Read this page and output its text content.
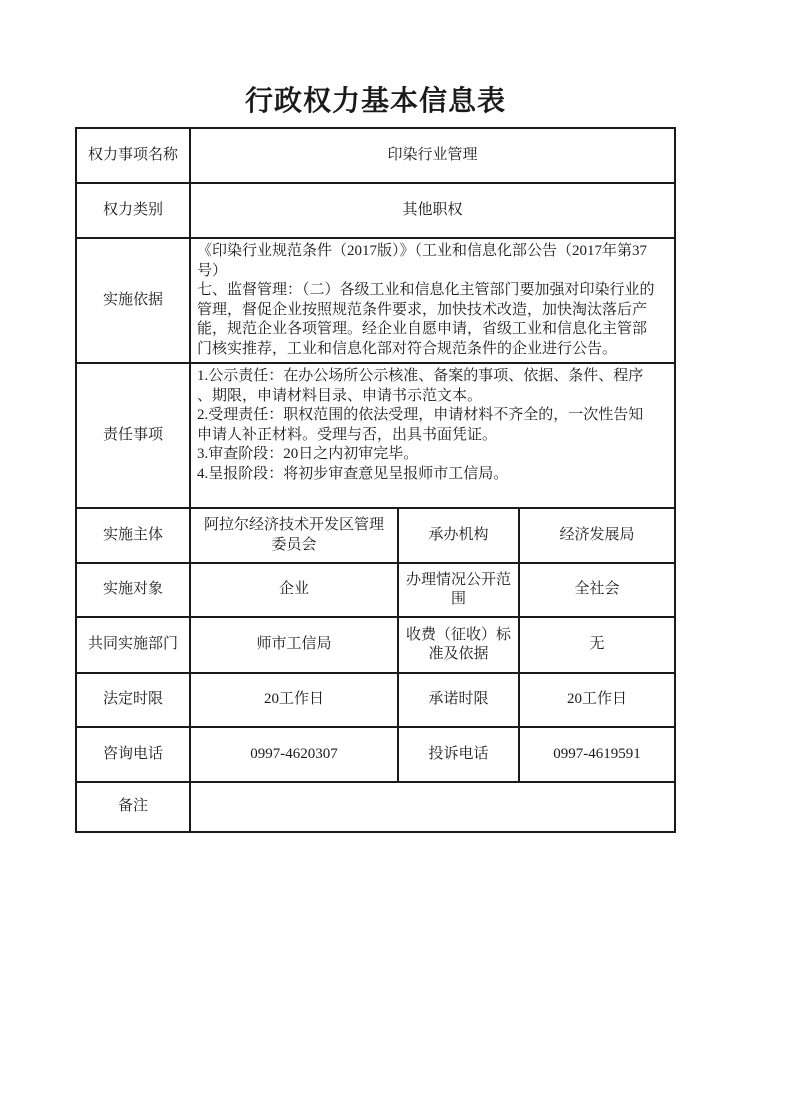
行政权力基本信息表
权力事项名称	印染行业管理		
权力类别	其他职权		
实施依据	《印染行业规范条件（2017版）》（工业和信息化部公告（2017年第37号）
七、监督管理：（二）各级工业和信息化主管部门要加强对印染行业的管理，督促企业按照规范条件要求，加快技术改造，加快淘汰落后产能，规范企业各项管理。经企业自愿申请，省级工业和信息化主管部门核实推荐，工业和信息化部对符合规范条件的企业进行公告。		

责任事项	1.公示责任：在办公场所公示核准、备案的事项、依据、条件、程序、期限，申请材料目录、申请书示范文本。
2.受理责任：职权范围的依法受理，申请材料不齐全的，一次性告知申请人补正材料。受理与否，出具书面凭证。
3.审查阶段：20日之内初审完毕。
4.呈报阶段：将初步审查意见呈报师市工信局。		

实施主体	阿拉尔经济技术开发区管理委员会	承办机构	经济发展局
实施对象	企业	办理情况公开范围	全社会
共同实施部门	师市工信局	收费（征收）标准及依据	无
法定时限	20工作日	承诺时限	20工作日
咨询电话	0997-4620307	投诉电话	0997-4619591
备注			
